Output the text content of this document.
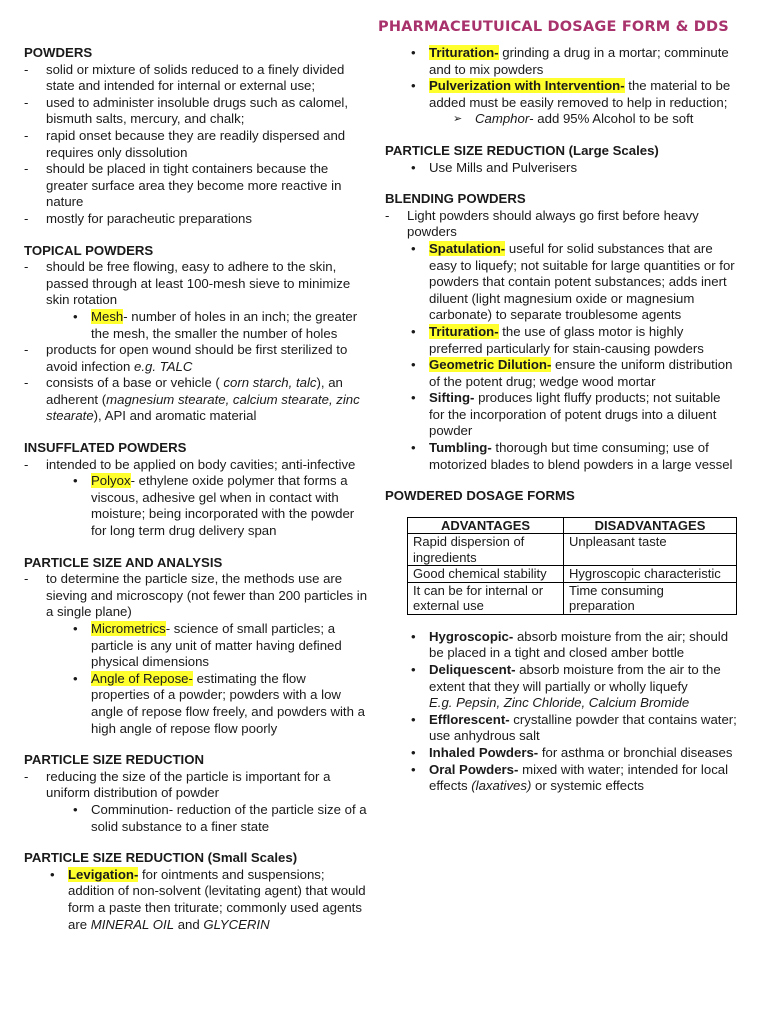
PHARMACEUTUICAL DOSAGE FORM & DDS
POWDERS
- solid or mixture of solids reduced to a finely divided state and intended for internal or external use;
- used to administer insoluble drugs such as calomel, bismuth salts, mercury, and chalk;
- rapid onset because they are readily dispersed and requires only dissolution
- should be placed in tight containers because the greater surface area they become more reactive in nature
- mostly for paracheutic preparations
TOPICAL POWDERS
- should be free flowing, easy to adhere to the skin, passed through at least 100-mesh sieve to minimize skin rotation
• Mesh- number of holes in an inch; the greater the mesh, the smaller the number of holes
- products for open wound should be first sterilized to avoid infection e.g. TALC
- consists of a base or vehicle ( corn starch, talc), an adherent (magnesium stearate, calcium stearate, zinc stearate), API and aromatic material
INSUFFLATED POWDERS
- intended to be applied on body cavities; anti-infective
• Polyox- ethylene oxide polymer that forms a viscous, adhesive gel when in contact with moisture; being incorporated with the powder for long term drug delivery span
PARTICLE SIZE AND ANALYSIS
- to determine the particle size, the methods use are sieving and microscopy (not fewer than 200 particles in a single plane)
• Micrometrics- science of small particles; a particle is any unit of matter having defined physical dimensions
• Angle of Repose- estimating the flow properties of a powder; powders with a low angle of repose flow freely, and powders with a high angle of repose flow poorly
PARTICLE SIZE REDUCTION
- reducing the size of the particle is important for a uniform distribution of powder
• Comminution- reduction of the particle size of a solid substance to a finer state
PARTICLE SIZE REDUCTION (Small Scales)
• Levigation- for ointments and suspensions; addition of non-solvent (levitating agent) that would form a paste then triturate; commonly used agents are MINERAL OIL and GLYCERIN
• Trituration- grinding a drug in a mortar; comminute and to mix powders
• Pulverization with Intervention- the material to be added must be easily removed to help in reduction;
➢ Camphor- add 95% Alcohol to be soft
PARTICLE SIZE REDUCTION (Large Scales)
• Use Mills and Pulverisers
BLENDING POWDERS
- Light powders should always go first before heavy powders
• Spatulation- useful for solid substances that are easy to liquefy; not suitable for large quantities or for powders that contain potent substances; adds inert diluent (light magnesium oxide or magnesium carbonate) to separate troublesome agents
• Trituration- the use of glass motor is highly preferred particularly for stain-causing powders
• Geometric Dilution- ensure the uniform distribution of the potent drug; wedge wood mortar
• Sifting- produces light fluffy products; not suitable for the incorporation of potent drugs into a diluent powder
• Tumbling- thorough but time consuming; use of motorized blades to blend powders in a large vessel
POWDERED DOSAGE FORMS
ADVANTAGES	DISADVANTAGES
Rapid dispersion of ingredients	Unpleasant taste
Good chemical stability	Hygroscopic characteristic
It can be for internal or external use	Time consuming preparation
• Hygroscopic- absorb moisture from the air; should be placed in a tight and closed amber bottle
• Deliquescent- absorb moisture from the air to the extent that they will partially or wholly liquefy
E.g. Pepsin, Zinc Chloride, Calcium Bromide
• Efflorescent- crystalline powder that contains water; use anhydrous salt
• Inhaled Powders- for asthma or bronchial diseases
• Oral Powders- mixed with water; intended for local effects (laxatives) or systemic effects
